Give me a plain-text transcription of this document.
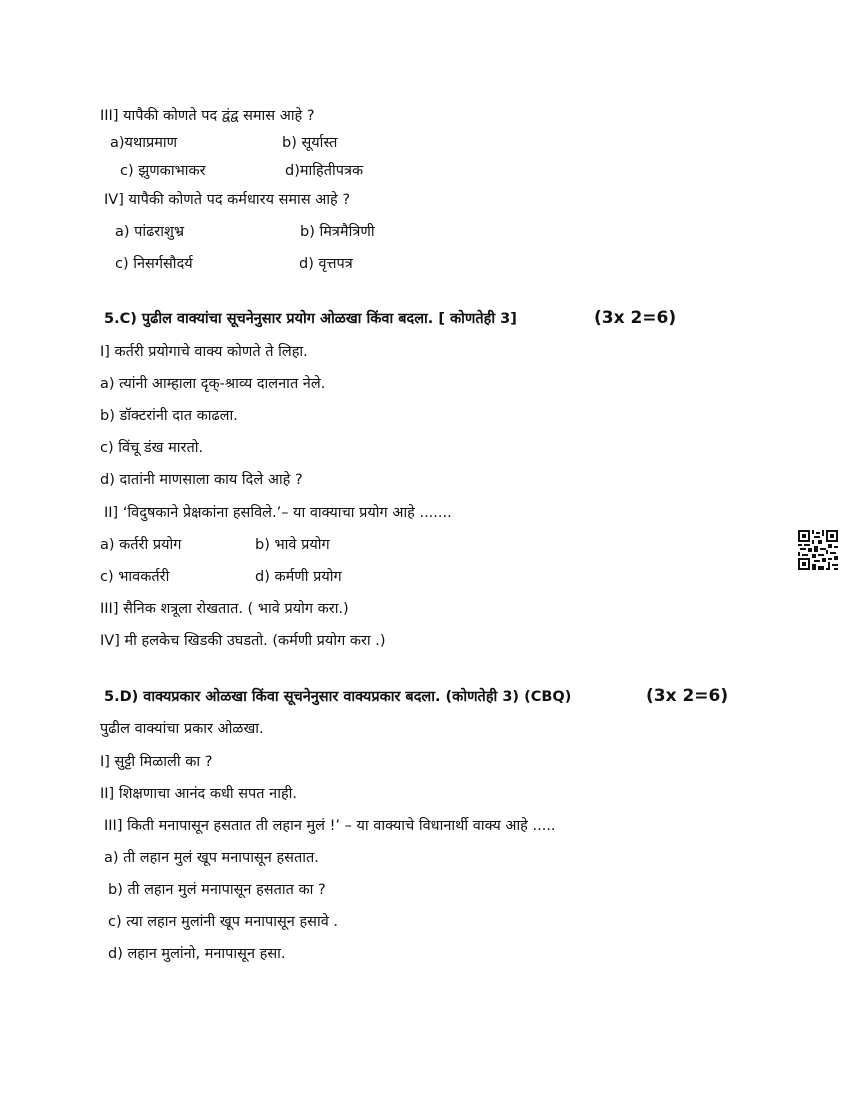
III] यापैकी कोणते पद द्वंद्व समास आहे ?
a)यथाप्रमाण	b) सूर्यास्त
c) झुणकाभाकर	d)माहितीपत्रक
IV] यापैकी कोणते पद कर्मधारय समास आहे ?
a) पांढराशुभ्र	b) मित्रमैत्रिणी
c) निसर्गसौदर्य	d) वृत्तपत्र
5.C) पुढील वाक्यांचा सूचनेनुसार प्रयोग ओळखा किंवा बदला. [ कोणतेही 3]	(3x 2=6)
I] कर्तरी प्रयोगाचे वाक्य कोणते ते लिहा.
a) त्यांनी आम्हाला दृक्-श्राव्य दालनात नेले.
b) डॉक्टरांनी दात काढला.
c) विंचू डंख मारतो.
d) दातांनी माणसाला काय दिले आहे ?
II] ‘विदुषकाने प्रेक्षकांना हसविले.’– या वाक्याचा प्रयोग आहे .......
a) कर्तरी प्रयोग	b) भावे प्रयोग
c) भावकर्तरी	d) कर्मणी प्रयोग
III] सैनिक शत्रूला रोखतात. ( भावे प्रयोग करा.)
IV] मी हलकेच खिडकी उघडतो. (कर्मणी प्रयोग करा .)
5.D) वाक्यप्रकार ओळखा किंवा सूचनेनुसार वाक्यप्रकार बदला. (कोणतेही 3) (CBQ)	(3x 2=6)
पुढील वाक्यांचा प्रकार ओळखा.
I] सुट्टी मिळाली का ?
II] शिक्षणाचा आनंद कधी सपत नाही.
III] किती मनापासून हसतात ती लहान मुलं !’ – या वाक्याचे विधानार्थी वाक्य आहे .....
a) ती लहान मुलं खूप मनापासून हसतात.
b) ती लहान मुलं मनापासून हसतात का ?
c) त्या लहान मुलांनी खूप मनापासून हसावे .
d) लहान मुलांनो, मनापासून हसा.
